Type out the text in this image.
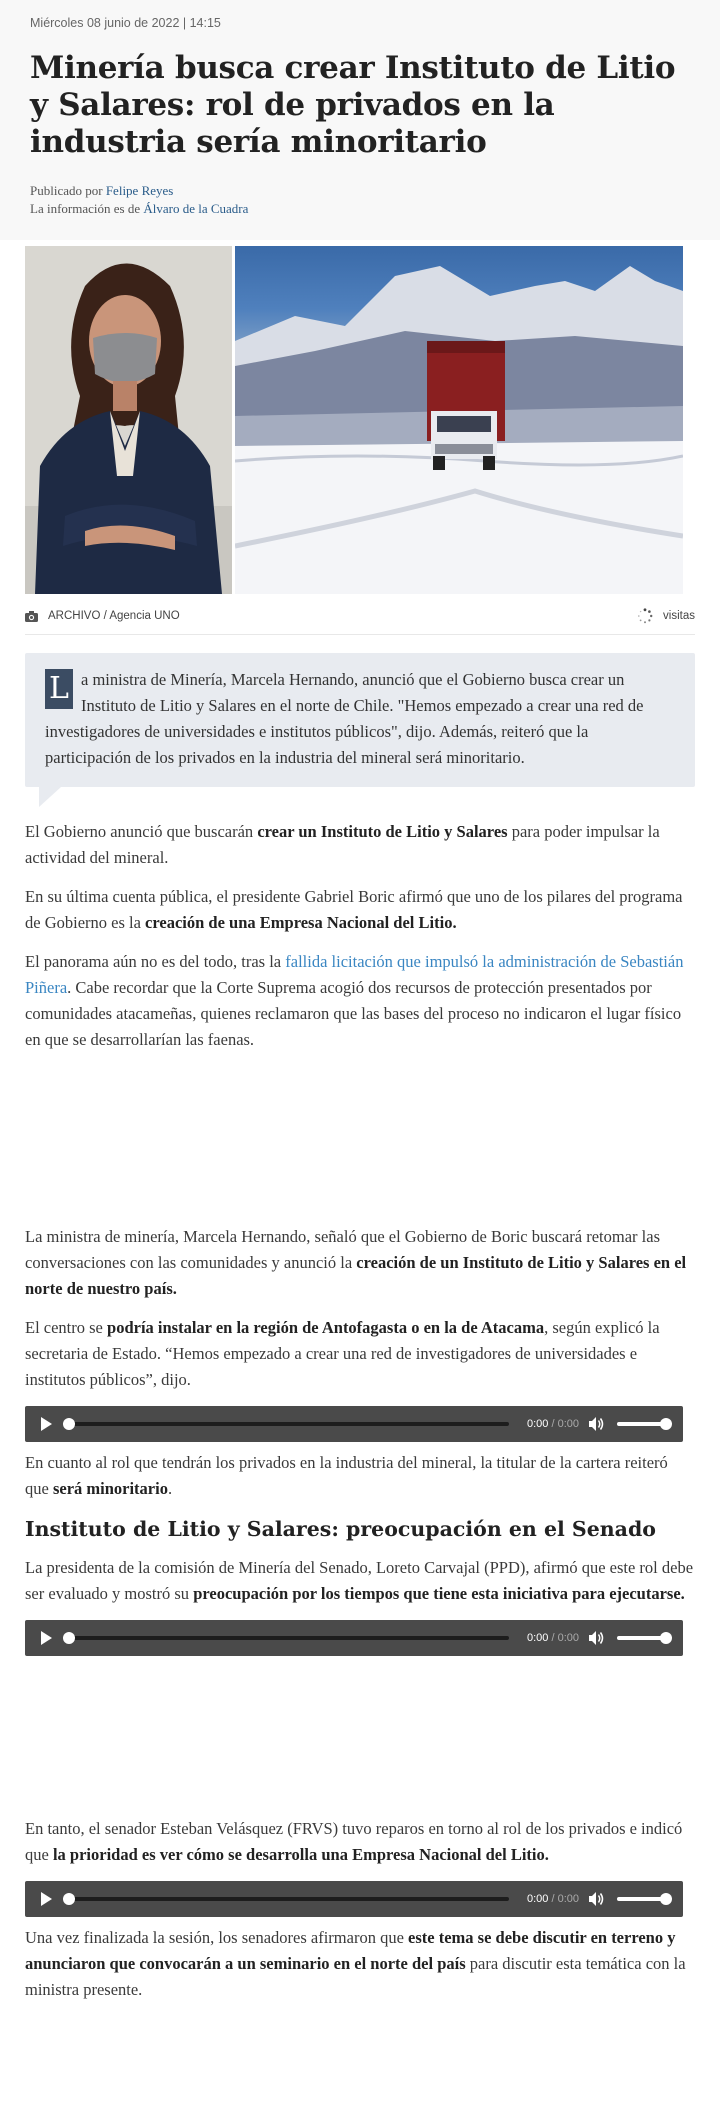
Miércoles 08 junio de 2022 | 14:15
Minería busca crear Instituto de Litio y Salares: rol de privados en la industria sería minoritario
Publicado por Felipe Reyes
La información es de Álvaro de la Cuadra
ARCHIVO / Agencia UNO	visitas
L a ministra de Minería, Marcela Hernando, anunció que el Gobierno busca crear un Instituto de Litio y Salares en el norte de Chile. "Hemos empezado a crear una red de investigadores de universidades e institutos públicos", dijo. Además, reiteró que la participación de los privados en la industria del mineral será minoritario.

El Gobierno anunció que buscarán crear un Instituto de Litio y Salares para poder impulsar la actividad del mineral.

En su última cuenta pública, el presidente Gabriel Boric afirmó que uno de los pilares del programa de Gobierno es la creación de una Empresa Nacional del Litio.

El panorama aún no es del todo, tras la fallida licitación que impulsó la administración de Sebastián Piñera. Cabe recordar que la Corte Suprema acogió dos recursos de protección presentados por comunidades atacameñas, quienes reclamaron que las bases del proceso no indicaron el lugar físico en que se desarrollarían las faenas.

La ministra de minería, Marcela Hernando, señaló que el Gobierno de Boric buscará retomar las conversaciones con las comunidades y anunció la creación de un Instituto de Litio y Salares en el norte de nuestro país.

El centro se podría instalar en la región de Antofagasta o en la de Atacama, según explicó la secretaria de Estado. “Hemos empezado a crear una red de investigadores de universidades e institutos públicos”, dijo.

0:00 / 0:00

En cuanto al rol que tendrán los privados en la industria del mineral, la titular de la cartera reiteró que será minoritario.

Instituto de Litio y Salares: preocupación en el Senado

La presidenta de la comisión de Minería del Senado, Loreto Carvajal (PPD), afirmó que este rol debe ser evaluado y mostró su preocupación por los tiempos que tiene esta iniciativa para ejecutarse.

0:00 / 0:00

En tanto, el senador Esteban Velásquez (FRVS) tuvo reparos en torno al rol de los privados e indicó que la prioridad es ver cómo se desarrolla una Empresa Nacional del Litio.

0:00 / 0:00

Una vez finalizada la sesión, los senadores afirmaron que este tema se debe discutir en terreno y anunciaron que convocarán a un seminario en el norte del país para discutir esta temática con la ministra presente.
